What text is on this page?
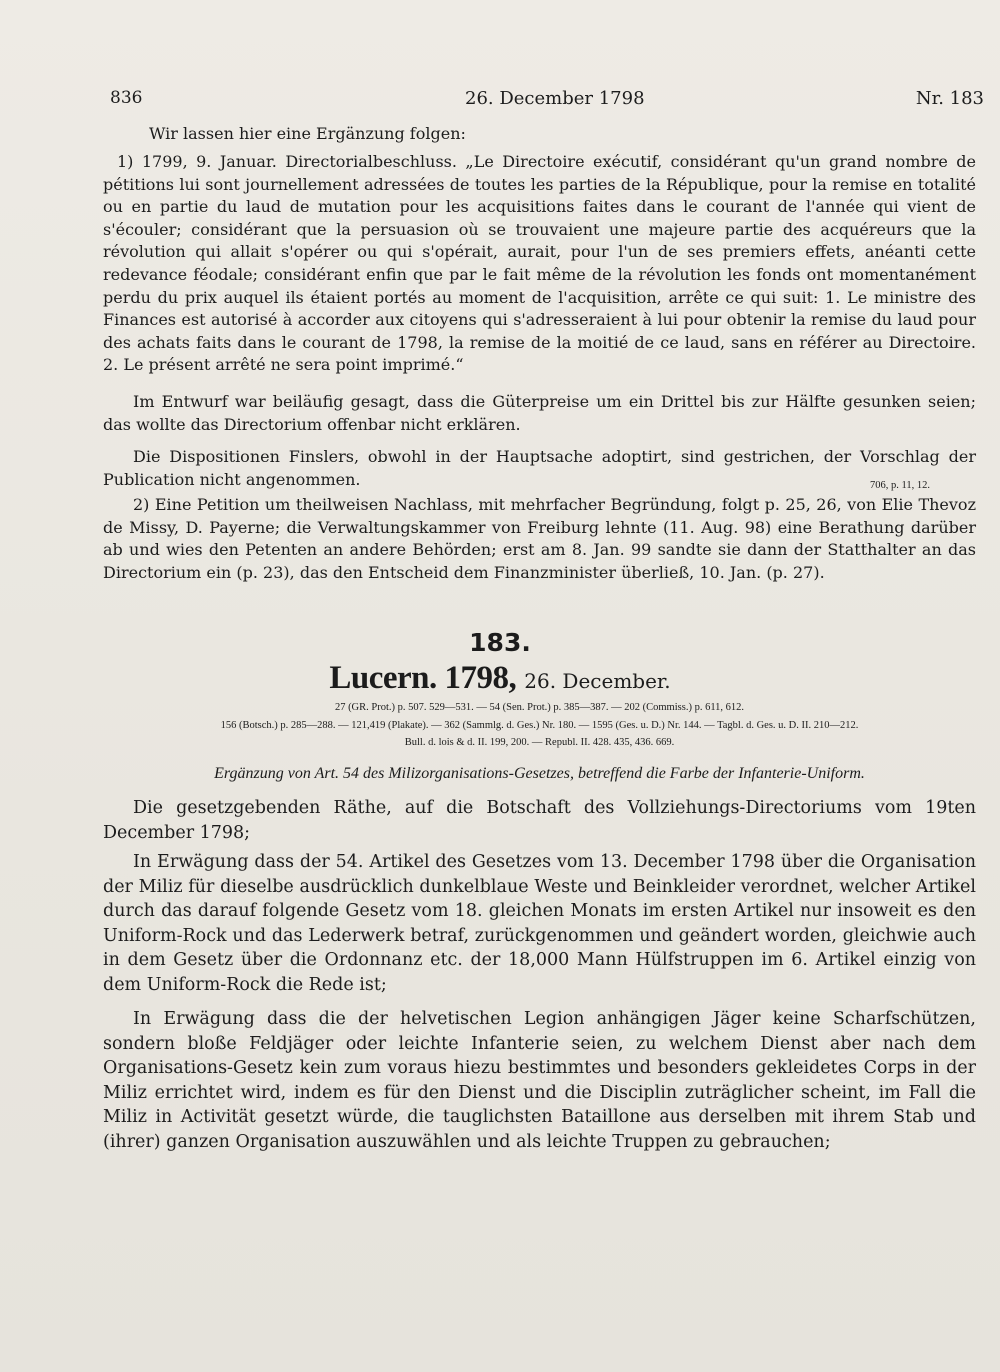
836	26. December 1798	Nr. 183

Wir lassen hier eine Ergänzung folgen:

1) 1799, 9. Januar. Directorialbeschluss. „Le Directoire exécutif, considérant qu'un grand nombre de pétitions lui sont journellement adressées de toutes les parties de la République, pour la remise en totalité ou en partie du laud de mutation pour les acquisitions faites dans le courant de l'année qui vient de s'écouler; considérant que la persuasion où se trouvaient une majeure partie des acquéreurs que la révolution qui allait s'opérer ou qui s'opérait, aurait, pour l'un de ses premiers effets, anéanti cette redevance féodale; considérant enfin que par le fait même de la révolution les fonds ont momentanément perdu du prix auquel ils étaient portés au moment de l'acquisition, arrête ce qui suit: 1. Le ministre des Finances est autorisé à accorder aux citoyens qui s'adresseraient à lui pour obtenir la remise du laud pour des achats faits dans le courant de 1798, la remise de la moitié de ce laud, sans en référer au Directoire. 2. Le présent arrêté ne sera point imprimé.“

Im Entwurf war beiläufig gesagt, dass die Güterpreise um ein Drittel bis zur Hälfte gesunken seien; das wollte das Directorium offenbar nicht erklären.

Die Dispositionen Finslers, obwohl in der Hauptsache adoptirt, sind gestrichen, der Vorschlag der Publication nicht angenommen.	706, p. 11, 12.

2) Eine Petition um theilweisen Nachlass, mit mehrfacher Begründung, folgt p. 25, 26, von Elie Thevoz de Missy, D. Payerne; die Verwaltungskammer von Freiburg lehnte (11. Aug. 98) eine Berathung darüber ab und wies den Petenten an andere Behörden; erst am 8. Jan. 99 sandte sie dann der Statthalter an das Directorium ein (p. 23), das den Entscheid dem Finanzminister überließ, 10. Jan. (p. 27).

183.
Lucern. 1798, 26. December.
27 (GR. Prot.) p. 507. 529—531. — 54 (Sen. Prot.) p. 385—387. — 202 (Commiss.) p. 611, 612.
156 (Botsch.) p. 285—288. — 121,419 (Plakate). — 362 (Sammlg. d. Ges.) Nr. 180. — 1595 (Ges. u. D.) Nr. 144. — Tagbl. d. Ges. u. D. II. 210—212.
Bull. d. lois & d. II. 199, 200. — Republ. II. 428. 435, 436. 669.
Ergänzung von Art. 54 des Milizorganisations-Gesetzes, betreffend die Farbe der Infanterie-Uniform.

Die gesetzgebenden Räthe, auf die Botschaft des Vollziehungs-Directoriums vom 19ten December 1798;

In Erwägung dass der 54. Artikel des Gesetzes vom 13. December 1798 über die Organisation der Miliz für dieselbe ausdrücklich dunkelblaue Weste und Beinkleider verordnet, welcher Artikel durch das darauf folgende Gesetz vom 18. gleichen Monats im ersten Artikel nur insoweit es den Uniform-Rock und das Lederwerk betraf, zurückgenommen und geändert worden, gleichwie auch in dem Gesetz über die Ordonnanz etc. der 18,000 Mann Hülfstruppen im 6. Artikel einzig von dem Uniform-Rock die Rede ist;

In Erwägung dass die der helvetischen Legion anhängigen Jäger keine Scharfschützen, sondern bloße Feldjäger oder leichte Infanterie seien, zu welchem Dienst aber nach dem Organisations-Gesetz kein zum voraus hiezu bestimmtes und besonders gekleidetes Corps in der Miliz errichtet wird, indem es für den Dienst und die Disciplin zuträglicher scheint, im Fall die Miliz in Activität gesetzt würde, die tauglichsten Bataillone aus derselben mit ihrem Stab und (ihrer) ganzen Organisation auszuwählen und als leichte Truppen zu gebrauchen;
